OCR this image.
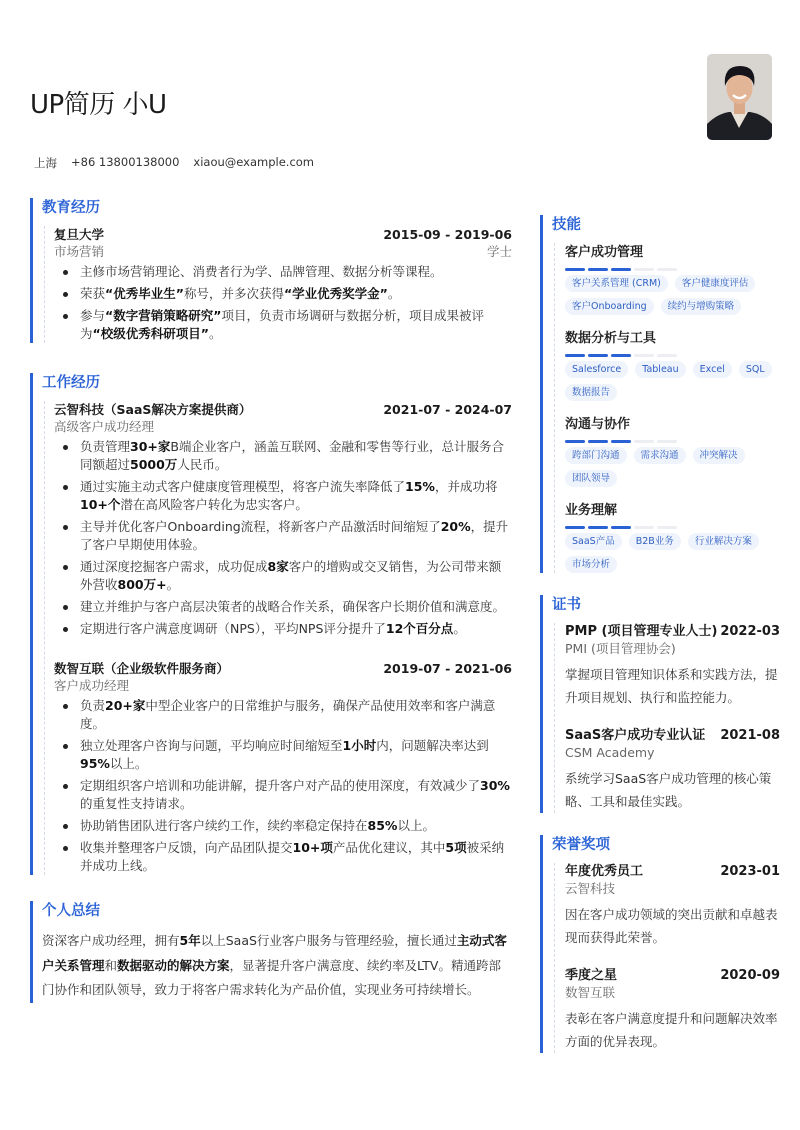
UP简历 小U
上海 +86 13800138000 xiaou@example.com
教育经历
复旦大学	2015-09 - 2019-06
市场营销	学士
主修市场营销理论、消费者行为学、品牌管理、数据分析等课程。
荣获“优秀毕业生”称号，并多次获得“学业优秀奖学金”。
参与“数字营销策略研究”项目，负责市场调研与数据分析，项目成果被评为“校级优秀科研项目”。
工作经历
云智科技（SaaS解决方案提供商）	2021-07 - 2024-07
高级客户成功经理
负责管理30+家B端企业客户，涵盖互联网、金融和零售等行业，总计服务合同额超过5000万人民币。
通过实施主动式客户健康度管理模型，将客户流失率降低了15%，并成功将10+个潜在高风险客户转化为忠实客户。
主导并优化客户Onboarding流程，将新客户产品激活时间缩短了20%，提升了客户早期使用体验。
通过深度挖掘客户需求，成功促成8家客户的增购或交叉销售，为公司带来额外营收800万+。
建立并维护与客户高层决策者的战略合作关系，确保客户长期价值和满意度。
定期进行客户满意度调研（NPS），平均NPS评分提升了12个百分点。
数智互联（企业级软件服务商）	2019-07 - 2021-06
客户成功经理
负责20+家中型企业客户的日常维护与服务，确保产品使用效率和客户满意度。
独立处理客户咨询与问题，平均响应时间缩短至1小时内，问题解决率达到95%以上。
定期组织客户培训和功能讲解，提升客户对产品的使用深度，有效减少了30%的重复性支持请求。
协助销售团队进行客户续约工作，续约率稳定保持在85%以上。
收集并整理客户反馈，向产品团队提交10+项产品优化建议，其中5项被采纳并成功上线。
个人总结
资深客户成功经理，拥有5年以上SaaS行业客户服务与管理经验，擅长通过主动式客户关系管理和数据驱动的解决方案，显著提升客户满意度、续约率及LTV。精通跨部门协作和团队领导，致力于将客户需求转化为产品价值，实现业务可持续增长。
技能
客户成功管理
客户关系管理 (CRM)	客户健康度评估
客户Onboarding	续约与增购策略
数据分析与工具
Salesforce	Tableau	Excel	SQL
数据报告
沟通与协作
跨部门沟通	需求沟通	冲突解决
团队领导
业务理解
SaaS产品	B2B业务	行业解决方案
市场分析
证书
PMP (项目管理专业人士) 2022-03
PMI (项目管理协会)
掌握项目管理知识体系和实践方法，提升项目规划、执行和监控能力。
SaaS客户成功专业认证 2021-08
CSM Academy
系统学习SaaS客户成功管理的核心策略、工具和最佳实践。
荣誉奖项
年度优秀员工	2023-01
云智科技
因在客户成功领域的突出贡献和卓越表现而获得此荣誉。
季度之星	2020-09
数智互联
表彰在客户满意度提升和问题解决效率方面的优异表现。
